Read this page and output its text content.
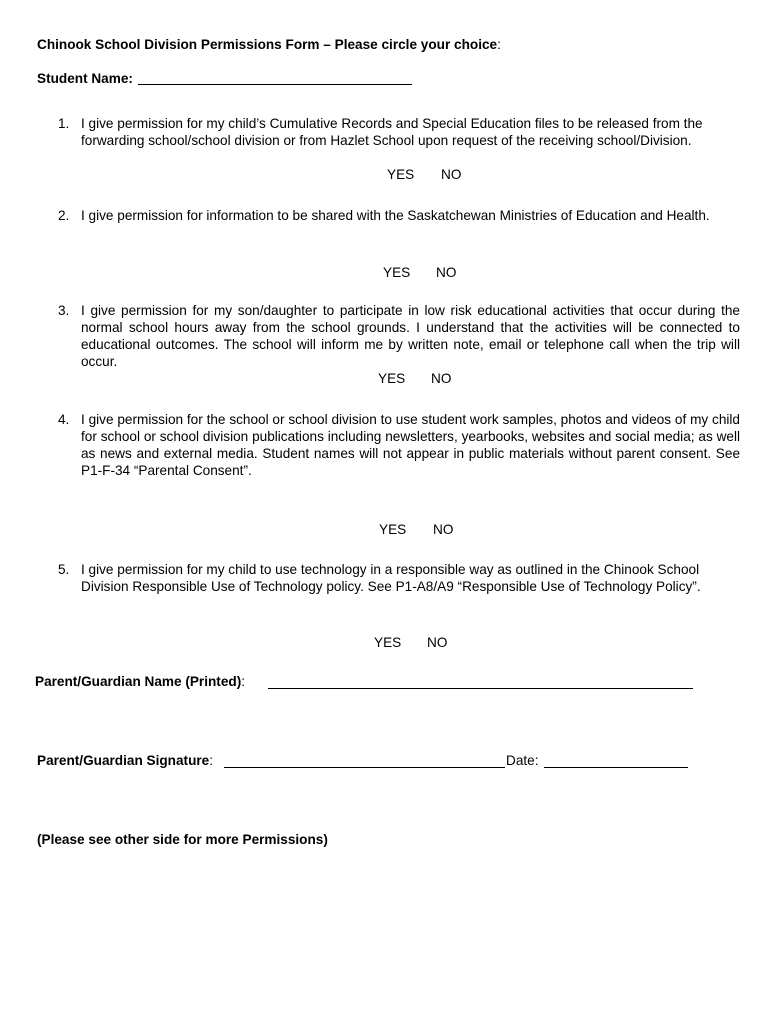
Chinook School Division Permissions Form – Please circle your choice:
Student Name:
1. I give permission for my child’s Cumulative Records and Special Education files to be released from the forwarding school/school division or from Hazlet School upon request of the receiving school/Division.
YES NO
2. I give permission for information to be shared with the Saskatchewan Ministries of Education and Health.
YES NO
3. I give permission for my son/daughter to participate in low risk educational activities that occur during the normal school hours away from the school grounds. I understand that the activities will be connected to educational outcomes. The school will inform me by written note, email or telephone call when the trip will occur.
YES NO
4. I give permission for the school or school division to use student work samples, photos and videos of my child for school or school division publications including newsletters, yearbooks, websites and social media; as well as news and external media. Student names will not appear in public materials without parent consent. See P1-F-34 “Parental Consent”.
YES NO
5. I give permission for my child to use technology in a responsible way as outlined in the Chinook School Division Responsible Use of Technology policy. See P1-A8/A9 “Responsible Use of Technology Policy”.
YES NO
Parent/Guardian Name (Printed):
Parent/Guardian Signature:	Date:
(Please see other side for more Permissions)
